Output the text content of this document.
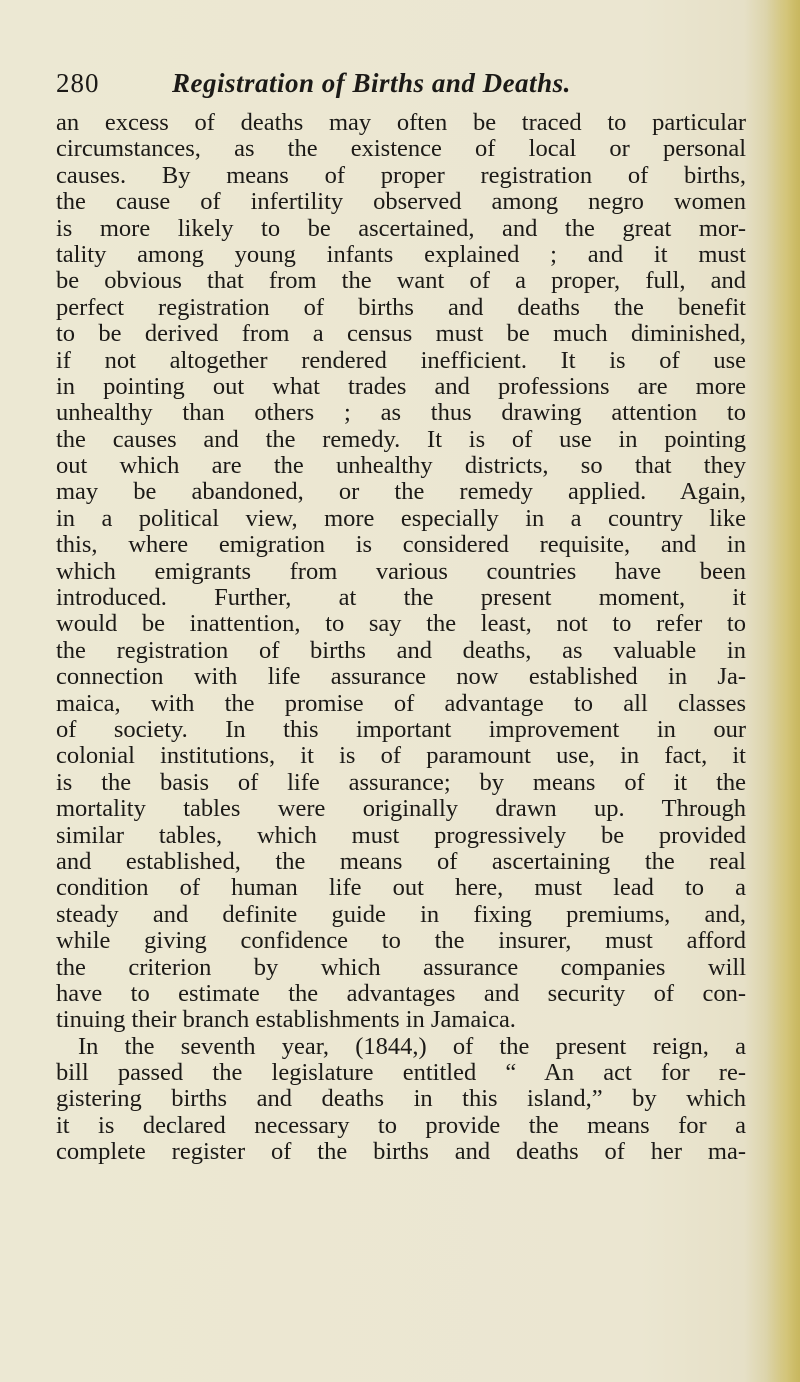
280	Registration of Births and Deaths.
an excess of deaths may often be traced to particular
circumstances, as the existence of local or personal
causes. By means of proper registration of births,
the cause of infertility observed among negro women
is more likely to be ascertained, and the great mor-
tality among young infants explained ; and it must
be obvious that from the want of a proper, full, and
perfect registration of births and deaths the benefit
to be derived from a census must be much diminished,
if not altogether rendered inefficient. It is of use
in pointing out what trades and professions are more
unhealthy than others ; as thus drawing attention to
the causes and the remedy. It is of use in pointing
out which are the unhealthy districts, so that they
may be abandoned, or the remedy applied. Again,
in a political view, more especially in a country like
this, where emigration is considered requisite, and in
which emigrants from various countries have been
introduced. Further, at the present moment, it
would be inattention, to say the least, not to refer to
the registration of births and deaths, as valuable in
connection with life assurance now established in Ja-
maica, with the promise of advantage to all classes
of society. In this important improvement in our
colonial institutions, it is of paramount use, in fact, it
is the basis of life assurance; by means of it the
mortality tables were originally drawn up. Through
similar tables, which must progressively be provided
and established, the means of ascertaining the real
condition of human life out here, must lead to a
steady and definite guide in fixing premiums, and,
while giving confidence to the insurer, must afford
the criterion by which assurance companies will
have to estimate the advantages and security of con-
tinuing their branch establishments in Jamaica.
In the seventh year, (1844,) of the present reign, a
bill passed the legislature entitled “ An act for re-
gistering births and deaths in this island,” by which
it is declared necessary to provide the means for a
complete register of the births and deaths of her ma-
